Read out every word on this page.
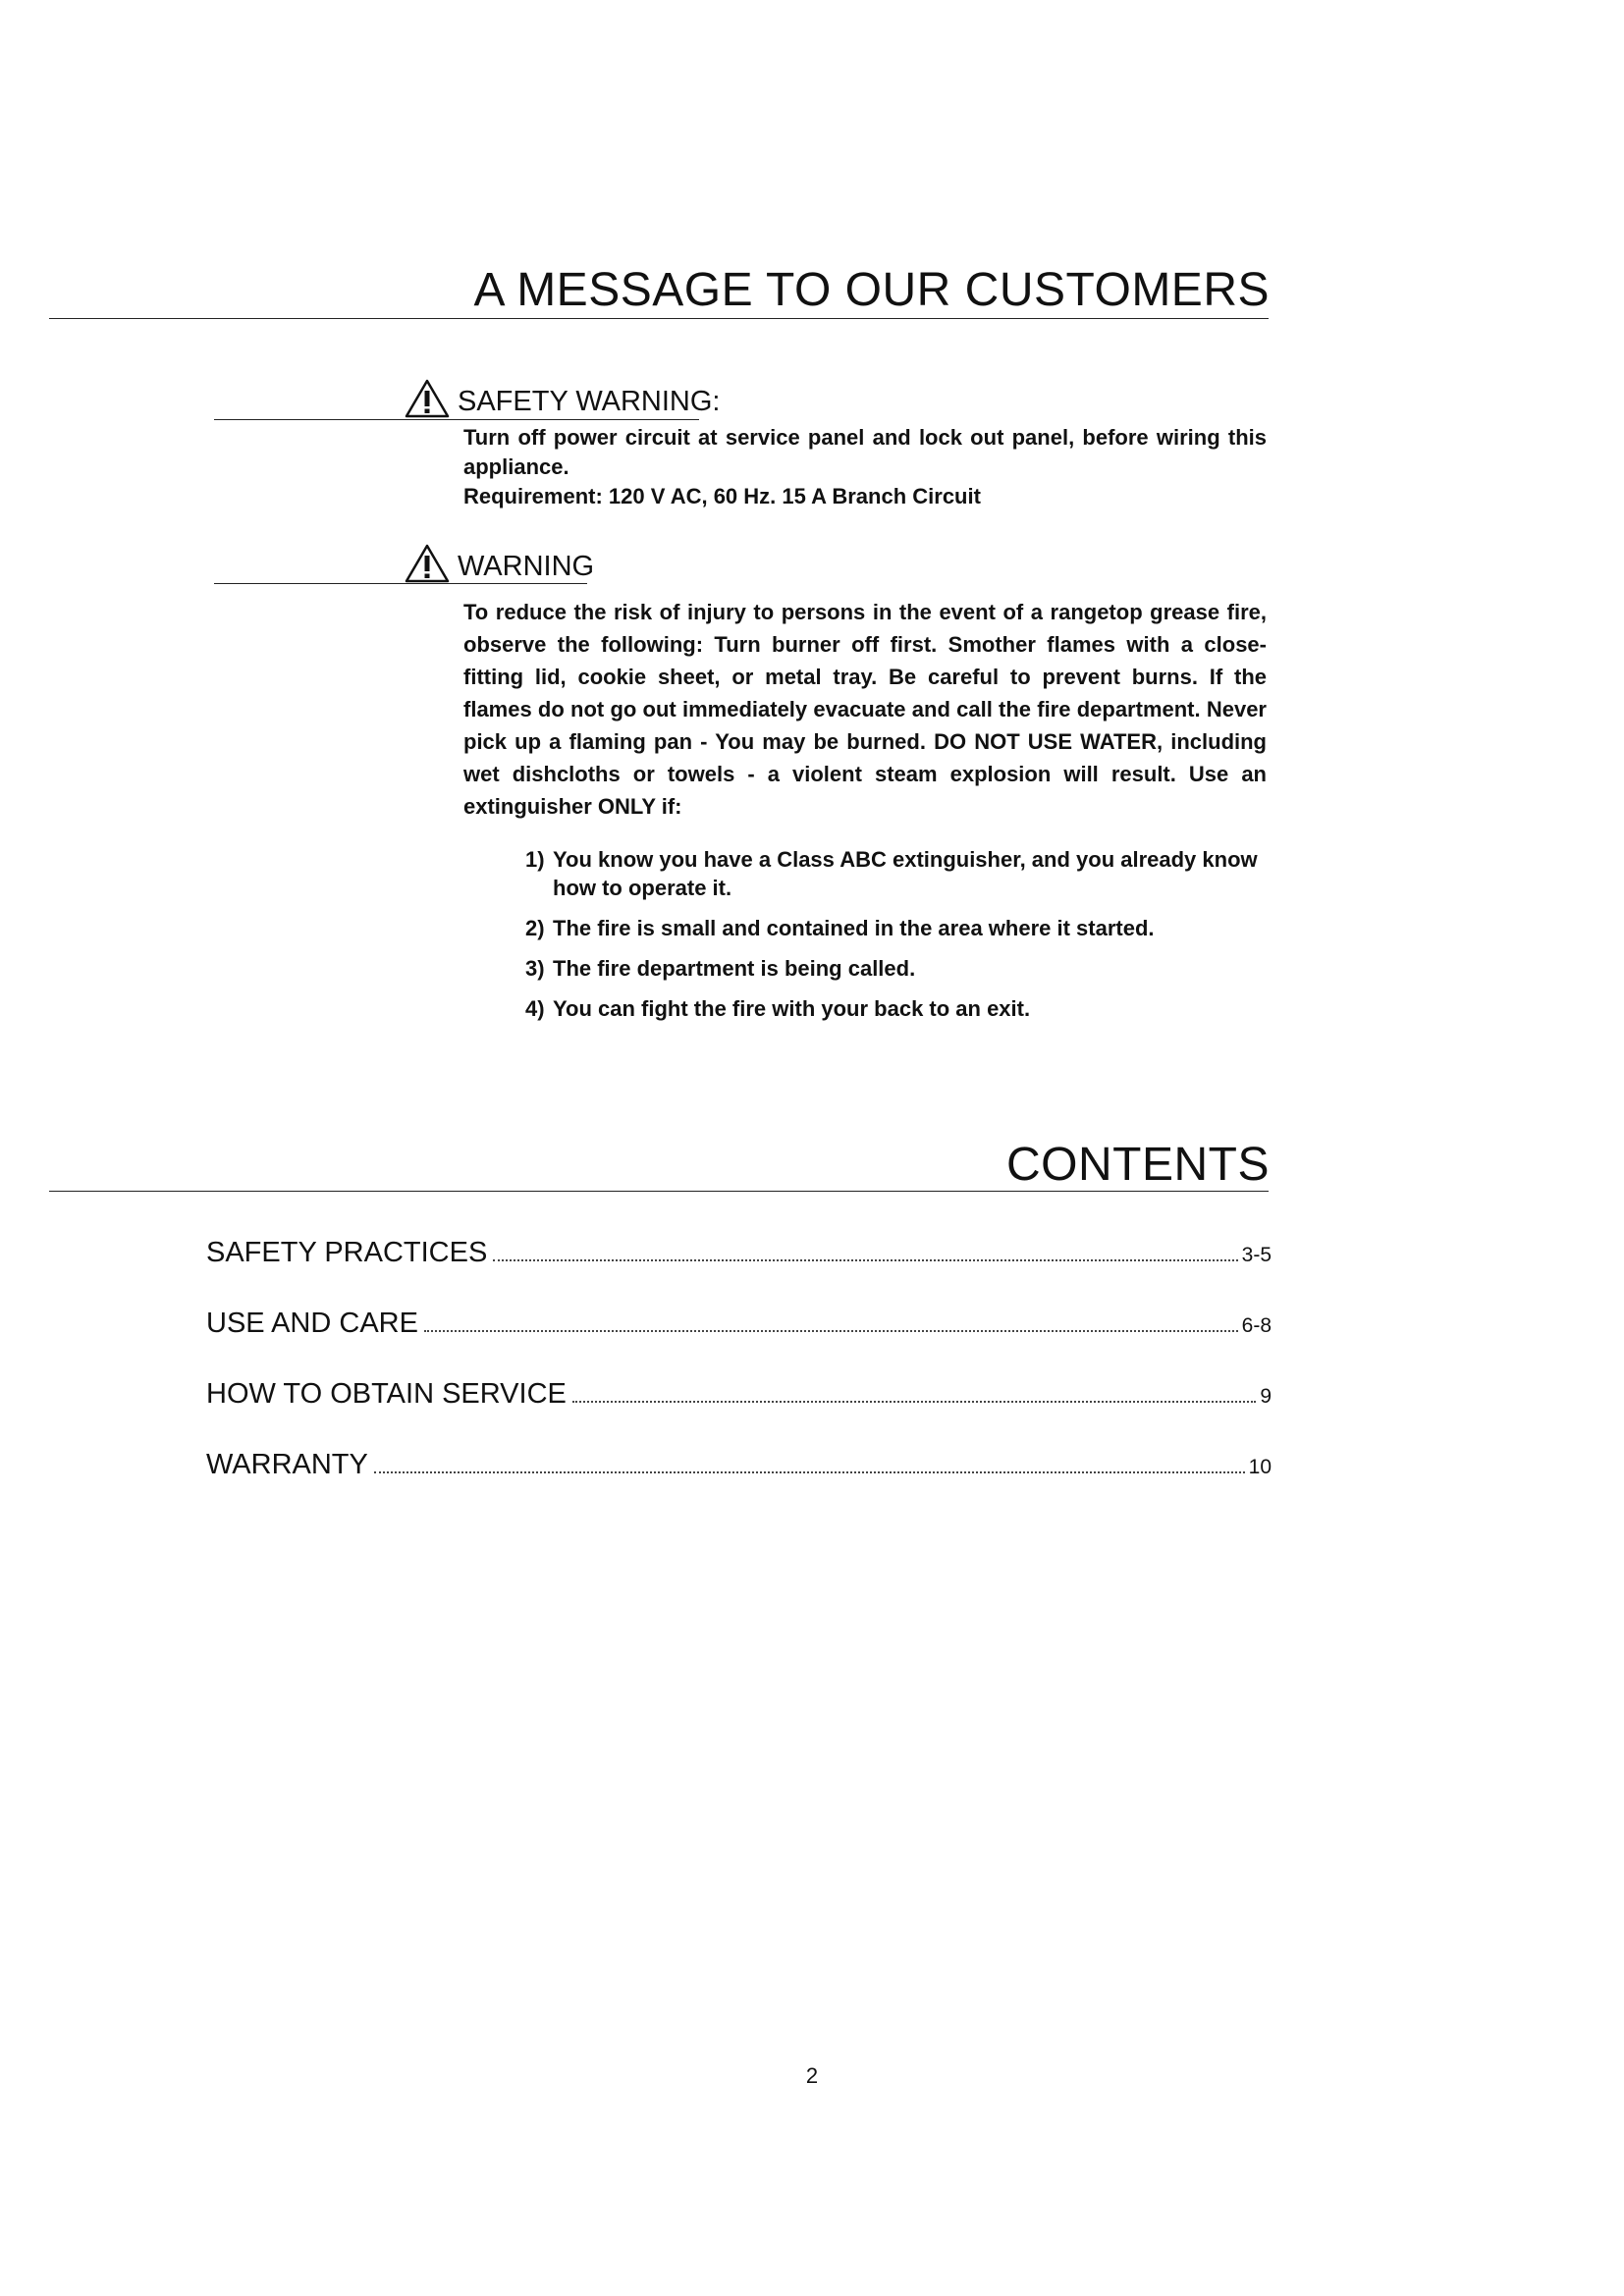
A MESSAGE TO OUR CUSTOMERS
SAFETY WARNING:

Turn off power circuit at service panel and lock out panel, before wiring this appliance.

Requirement: 120 V AC, 60 Hz. 15 A Branch Circuit

WARNING

To reduce the risk of injury to persons in the event of a rangetop grease fire, observe the following: Turn burner off first. Smother flames with a close-fitting lid, cookie sheet, or metal tray. Be careful to prevent burns. If the flames do not go out immediately evacuate and call the fire department. Never pick up a flaming pan - You may be burned. DO NOT USE WATER, including wet dishcloths or towels - a violent steam explosion will result. Use an extinguisher ONLY if:

1) You know you have a Class ABC extinguisher, and you already know how to operate it.
2) The fire is small and contained in the area where it started.
3) The fire department is being called.
4) You can fight the fire with your back to an exit.
CONTENTS
SAFETY PRACTICES	3-5
USE AND CARE	6-8
HOW TO OBTAIN SERVICE	9
WARRANTY	10
2
